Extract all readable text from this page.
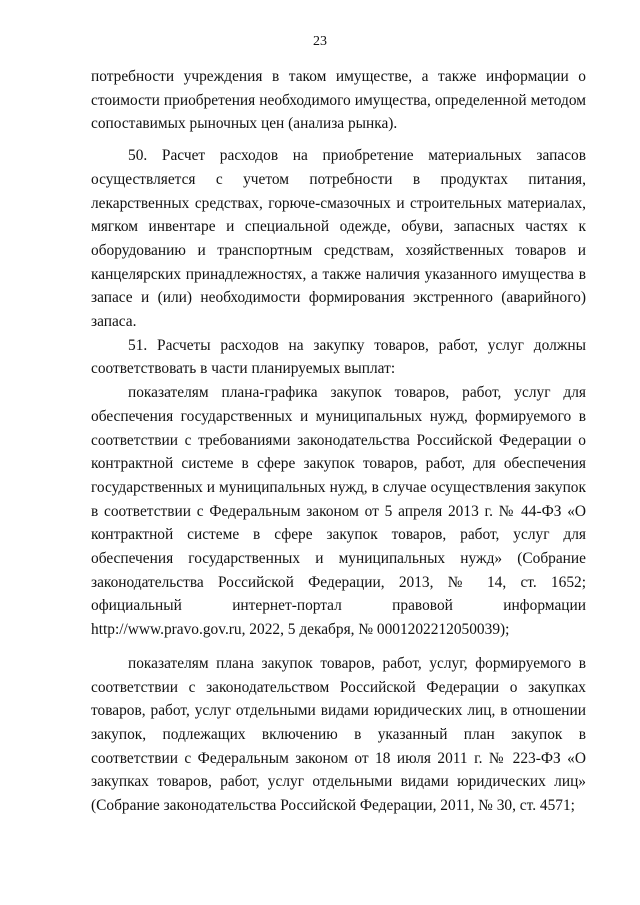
23

потребности учреждения в таком имуществе, а также информации о стоимости приобретения необходимого имущества, определенной методом сопоставимых рыночных цен (анализа рынка).

50. Расчет расходов на приобретение материальных запасов осуществляется с учетом потребности в продуктах питания, лекарственных средствах, горюче-смазочных и строительных материалах, мягком инвентаре и специальной одежде, обуви, запасных частях к оборудованию и транспортным средствам, хозяйственных товаров и канцелярских принадлежностях, а также наличия указанного имущества в запасе и (или) необходимости формирования экстренного (аварийного) запаса.

51. Расчеты расходов на закупку товаров, работ, услуг должны соответствовать в части планируемых выплат:

показателям плана-графика закупок товаров, работ, услуг для обеспечения государственных и муниципальных нужд, формируемого в соответствии с требованиями законодательства Российской Федерации о контрактной системе в сфере закупок товаров, работ, для обеспечения государственных и муниципальных нужд, в случае осуществления закупок в соответствии с Федеральным законом от 5 апреля 2013 г. № 44-ФЗ «О контрактной системе в сфере закупок товаров, работ, услуг для обеспечения государственных и муниципальных нужд» (Собрание законодательства Российской Федерации, 2013, № 14, ст. 1652; официальный интернет-портал правовой информации http://www.pravo.gov.ru, 2022, 5 декабря, № 0001202212050039);

показателям плана закупок товаров, работ, услуг, формируемого в соответствии с законодательством Российской Федерации о закупках товаров, работ, услуг отдельными видами юридических лиц, в отношении закупок, подлежащих включению в указанный план закупок в соответствии с Федеральным законом от 18 июля 2011 г. № 223-ФЗ «О закупках товаров, работ, услуг отдельными видами юридических лиц» (Собрание законодательства Российской Федерации, 2011, № 30, ст. 4571;
